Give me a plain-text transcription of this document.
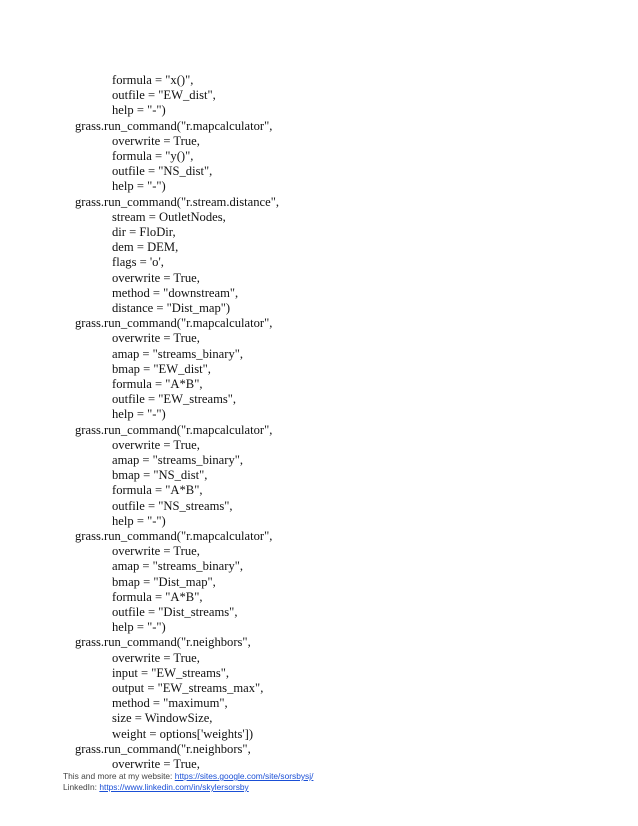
formula = "x()",
outfile = "EW_dist",
help = "-")
grass.run_command("r.mapcalculator",
overwrite = True,
formula = "y()",
outfile = "NS_dist",
help = "-")
grass.run_command("r.stream.distance",
stream = OutletNodes,
dir = FloDir,
dem = DEM,
flags = 'o',
overwrite = True,
method = "downstream",
distance = "Dist_map")
grass.run_command("r.mapcalculator",
overwrite = True,
amap = "streams_binary",
bmap = "EW_dist",
formula = "A*B",
outfile = "EW_streams",
help = "-")
grass.run_command("r.mapcalculator",
overwrite = True,
amap = "streams_binary",
bmap = "NS_dist",
formula = "A*B",
outfile = "NS_streams",
help = "-")
grass.run_command("r.mapcalculator",
overwrite = True,
amap = "streams_binary",
bmap = "Dist_map",
formula = "A*B",
outfile = "Dist_streams",
help = "-")
grass.run_command("r.neighbors",
overwrite = True,
input = "EW_streams",
output = "EW_streams_max",
method = "maximum",
size = WindowSize,
weight = options['weights'])
grass.run_command("r.neighbors",
overwrite = True,
This and more at my website: https://sites.google.com/site/sorsbysj/
LinkedIn: https://www.linkedin.com/in/skylersorsby
